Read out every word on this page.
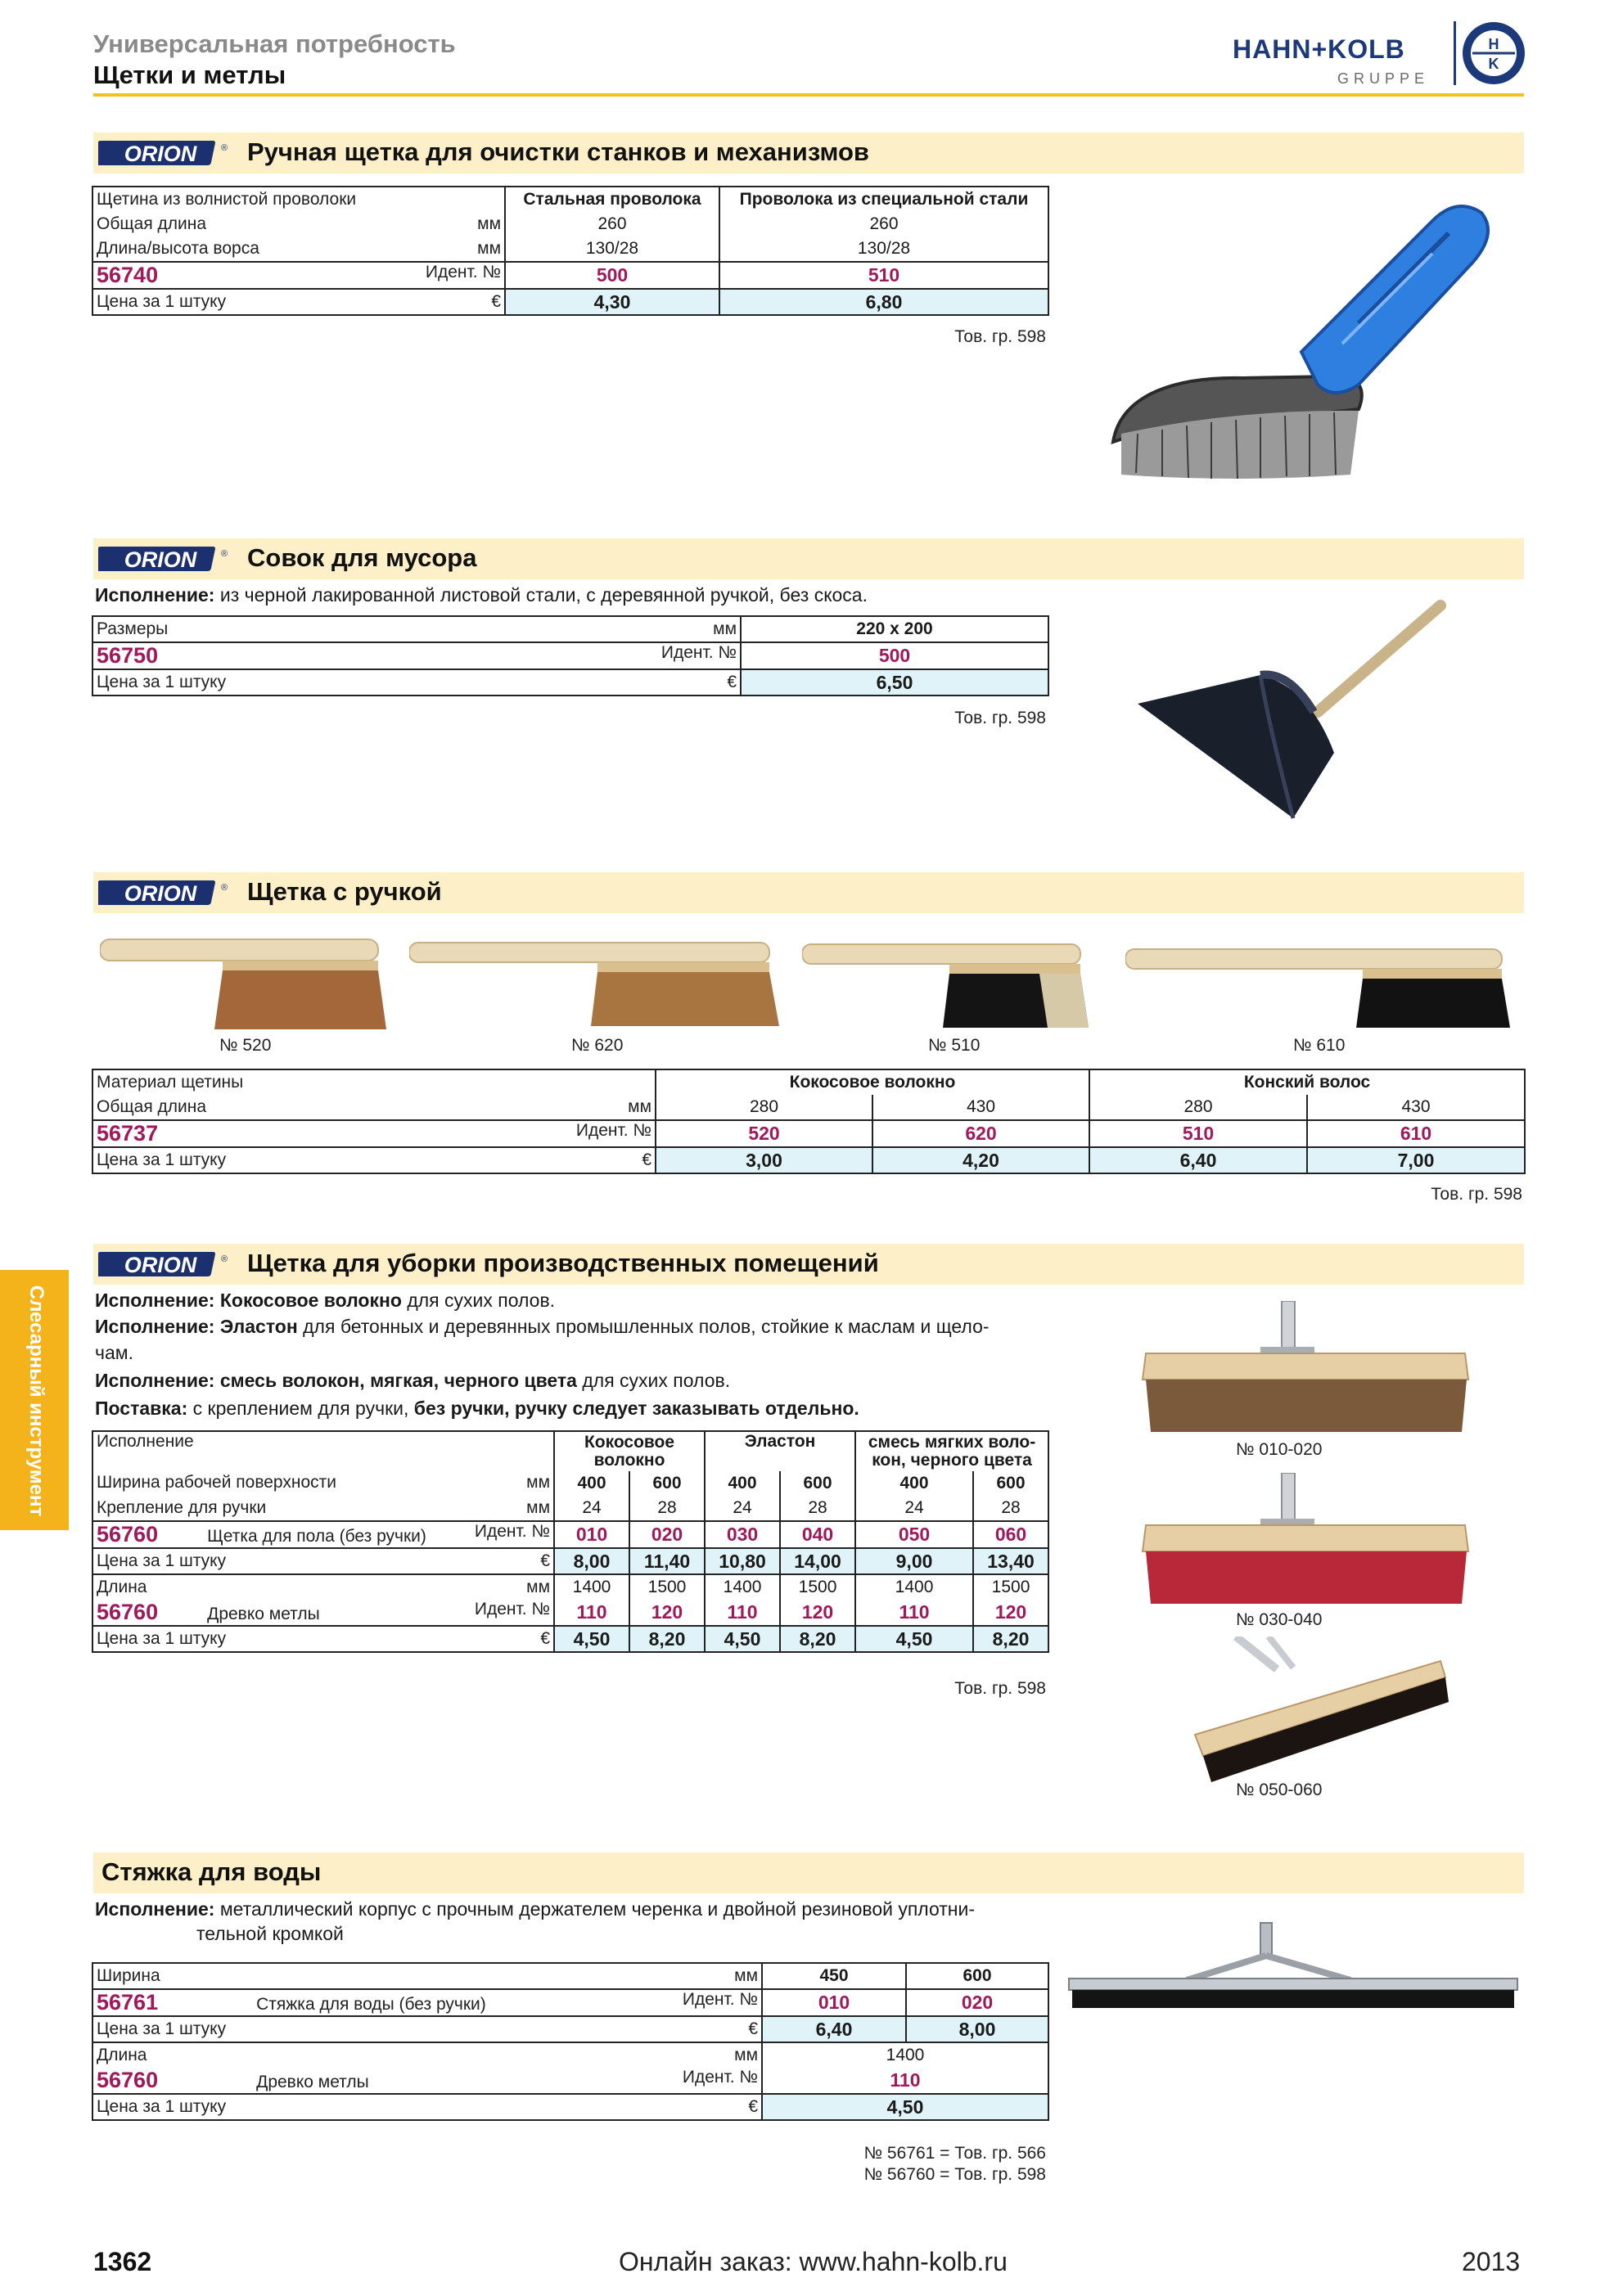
Универсальная потребность
Щетки и метлы
HAHN+KOLB
GRUPPE
H
K
Слесарный инструмент
ORION	® Ручная щетка для очистки станков и механизмов
Щетина из волнистой проволоки	Стальная проволока	Проволока из специальной стали
Общая длина мм	260	260
Длина/высота ворса мм	130/28	130/28
56740 Идент. №	500	510
Цена за 1 штуку €	4,30	6,80
Тов. гр. 598
ORION	® Совок для мусора
Исполнение: из черной лакированной листовой стали, с деревянной ручкой, без скоса.
Размеры мм	220 x 200
56750 Идент. №	500
Цена за 1 штуку €	6,50
Тов. гр. 598
ORION	® Щетка с ручкой
№ 520	№ 620	№ 510	№ 610
Материал щетины	Кокосовое волокно		Конский волос	
Общая длина мм	280	430	280	430
56737 Идент. №	520	620	510	610
Цена за 1 штуку €	3,00	4,20	6,40	7,00
Тов. гр. 598
ORION	® Щетка для уборки производственных помещений
Исполнение: Кокосовое волокно для сухих полов.
Исполнение: Эластон для бетонных и деревянных промышленных полов, стойкие к маслам и щело-
чам.
Исполнение: смесь волокон, мягкая, черного цвета для сухих полов.
Поставка: с креплением для ручки, без ручки, ручку следует заказывать отдельно.
Исполнение
Ширина рабочей поверхности мм	Кокосовое волокно		Эластон		смесь мягких воло- кон, черного цвета	
	400	600	400	600	400	600
Крепление для ручки мм	24	28	24	28	24	28
56760 Щетка для пола (без ручки) Идент. №	010	020	030	040	050	060
Цена за 1 штуку €	8,00	11,40	10,80	14,00	9,00	13,40
Длина мм	1400	1500	1400	1500	1400	1500
56760 Древко метлы Идент. №	110	120	110	120	110	120
Цена за 1 штуку €	4,50	8,20	4,50	8,20	4,50	8,20
Тов. гр. 598
№ 010-020
№ 030-040
№ 050-060
Стяжка для воды
Исполнение: металлический корпус с прочным держателем черенка и двойной резиновой уплотни-
тельной кромкой
Ширина мм	450	600
56761 Стяжка для воды (без ручки) Идент. №	010	020
Цена за 1 штуку €	6,40	8,00
Длина мм	1400	
56760 Древко метлы Идент. №	110	
Цена за 1 штуку €	4,50	
№ 56761 = Тов. гр. 566
№ 56760 = Тов. гр. 598
1362	Онлайн заказ: www.hahn-kolb.ru	2013
